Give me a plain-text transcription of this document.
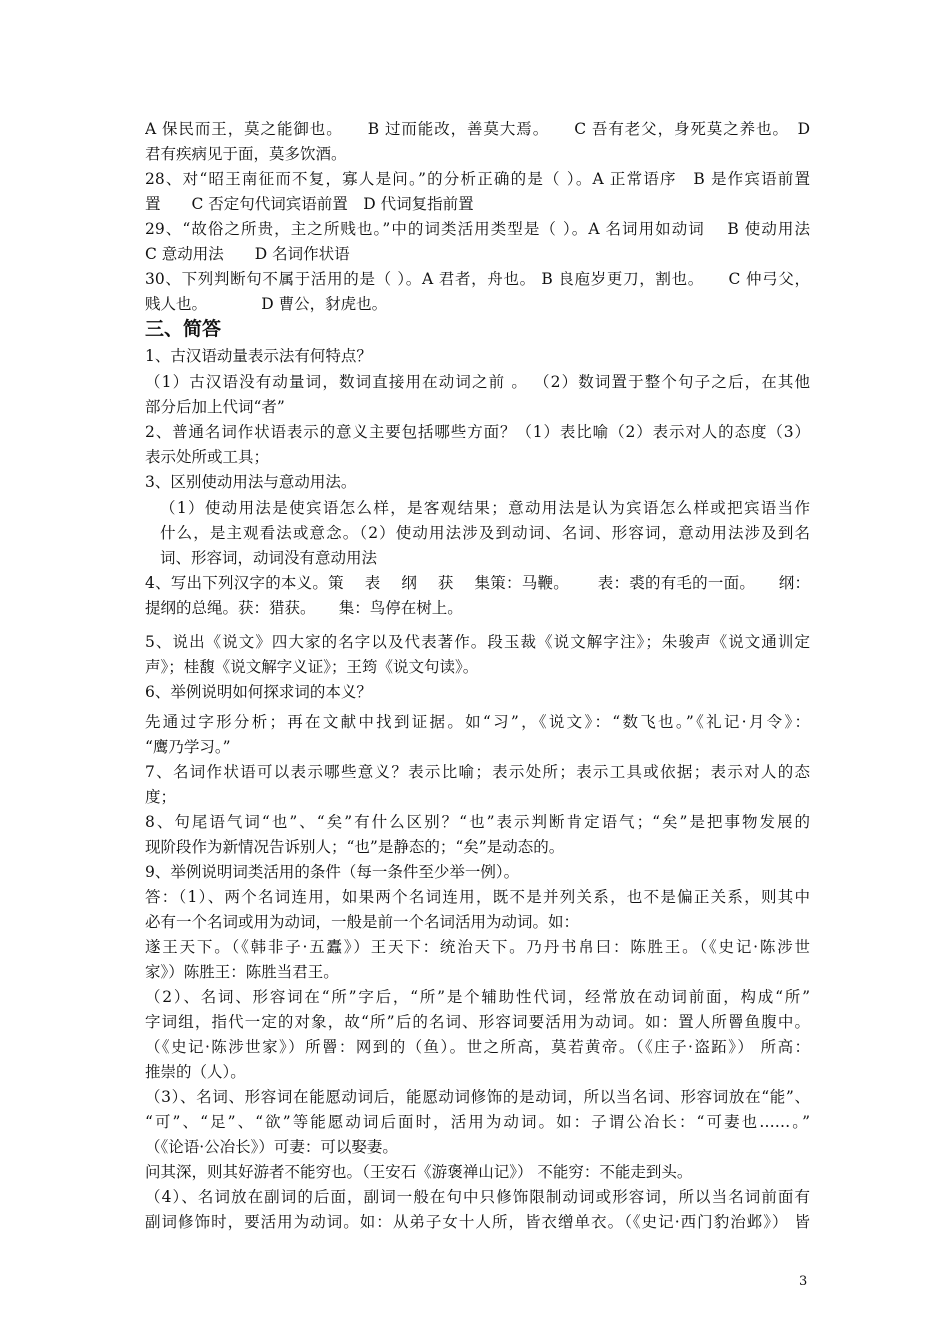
A 保民而王，莫之能御也。　　B 过而能改，善莫大焉。　　C 吾有老父，身死莫之养也。　D
君有疾病见于面，莫多饮酒。
28、对“昭王南征而不复，寡人是问。”的分析正确的是（ ）。A 正常语序　B 是作宾语前置
置　　C 否定句代词宾语前置　D 代词复指前置
29、“故俗之所贵，主之所贱也。”中的词类活用类型是（ ）。A 名词用如动词　 B 使动用法
C 意动用法　　D 名词作状语
30、下列判断句不属于活用的是（ ）。A 君者，舟也。 B 良庖岁更刀，割也。　　C 仲弓父，
贱人也。　　　　D 曹公，豺虎也。
三、简答
1、古汉语动量表示法有何特点？
（1）古汉语没有动量词，数词直接用在动词之前 。 （2）数词置于整个句子之后，在其他
部分后加上代词“者”
2、普通名词作状语表示的意义主要包括哪些方面？（1）表比喻（2）表示对人的态度（3）
表示处所或工具；
3、区别使动用法与意动用法。
（1）使动用法是使宾语怎么样，是客观结果；意动用法是认为宾语怎么样或把宾语当作
什么，是主观看法或意念。（2）使动用法涉及到动词、名词、形容词，意动用法涉及到名
词、形容词，动词没有意动用法
4、写出下列汉字的本义。策　 表　 纲　 获　 集策：马鞭。　　 表：裘的有毛的一面。　　纲：
提纲的总绳。获：猎获。　　集：鸟停在树上。
5、说出《说文》四大家的名字以及代表著作。段玉裁《说文解字注》；朱骏声《说文通训定
声》；桂馥《说文解字义证》；王筠《说文句读》。
6、举例说明如何探求词的本义？
先通过字形分析；再在文献中找到证据。如“习”，《说文》：“数飞也。”《礼记·月令》：
“鹰乃学习。”
7、名词作状语可以表示哪些意义？表示比喻；表示处所；表示工具或依据；表示对人的态
度；
8、句尾语气词“也”、“矣”有什么区别？“也”表示判断肯定语气；“矣”是把事物发展的
现阶段作为新情况告诉别人；“也”是静态的；“矣”是动态的。
9、举例说明词类活用的条件（每一条件至少举一例）。
答：（1）、两个名词连用，如果两个名词连用，既不是并列关系，也不是偏正关系，则其中
必有一个名词或用为动词，一般是前一个名词活用为动词。如：
遂王天下。（《韩非子·五蠹》）王天下：统治天下。乃丹书帛曰：陈胜王。（《史记·陈涉世
家》）陈胜王：陈胜当君王。
（2）、名词、形容词在“所”字后，“所”是个辅助性代词，经常放在动词前面，构成“所”
字词组，指代一定的对象，故“所”后的名词、形容词要活用为动词。如：置人所罾鱼腹中。
（《史记·陈涉世家》）所罾：网到的（鱼）。世之所高，莫若黄帝。（《庄子·盗跖》） 所高：
推崇的（人）。
（3）、名词、形容词在能愿动词后，能愿动词修饰的是动词，所以当名词、形容词放在“能”、
“可”、“足”、“欲”等能愿动词后面时，活用为动词。如：子谓公冶长：“可妻也……。”
（《论语·公冶长》）可妻：可以娶妻。
问其深，则其好游者不能穷也。（王安石《游褒禅山记》） 不能穷：不能走到头。
（4）、名词放在副词的后面，副词一般在句中只修饰限制动词或形容词，所以当名词前面有
副词修饰时，要活用为动词。如：从弟子女十人所，皆衣缯单衣。（《史记·西门豹治邺》） 皆
3
